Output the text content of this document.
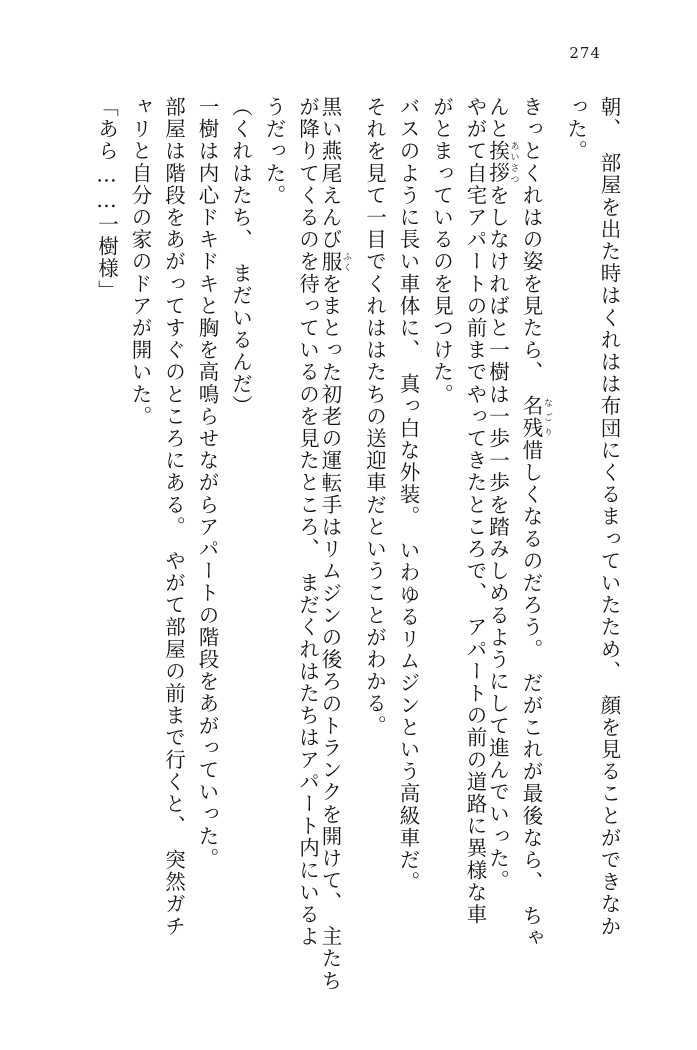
274
朝、　部屋を出た時はくれはは布団にくるまっていたため、　顔を見ることができなか
った。
きっとくれはの姿を見たら、　名残 なごり惜しくなるのだろう。　だがこれが最後なら、　ちゃ
んと挨拶 あいさつをしなければと一樹は一歩一歩を踏みしめるようにして進んでいった。
やがて自宅アパートの前までやってきたところで、　アパートの前の道路に異様な車
がとまっているのを見つけた。
バスのように長い車体に、　真っ白な外装。　いわゆるリムジンという高級車だ。
それを見て一目でくれははたちの送迎車だということがわかる。
黒い燕尾えんび服 ふくをまとった初老の運転手はリムジンの後ろのトランクを開けて、　主たち
が降りてくるのを待っているのを見たところ、　まだくれはたちはアパート内にいるよ
うだった。
（くれはたち、　まだいるんだ）
一樹は内心ドキドキと胸を高鳴らせながらアパートの階段をあがっていった。
部屋は階段をあがってすぐのところにある。　やがて部屋の前まで行くと、　突然ガチ
ャリと自分の家のドアが開いた。
「あら……一樹様」
